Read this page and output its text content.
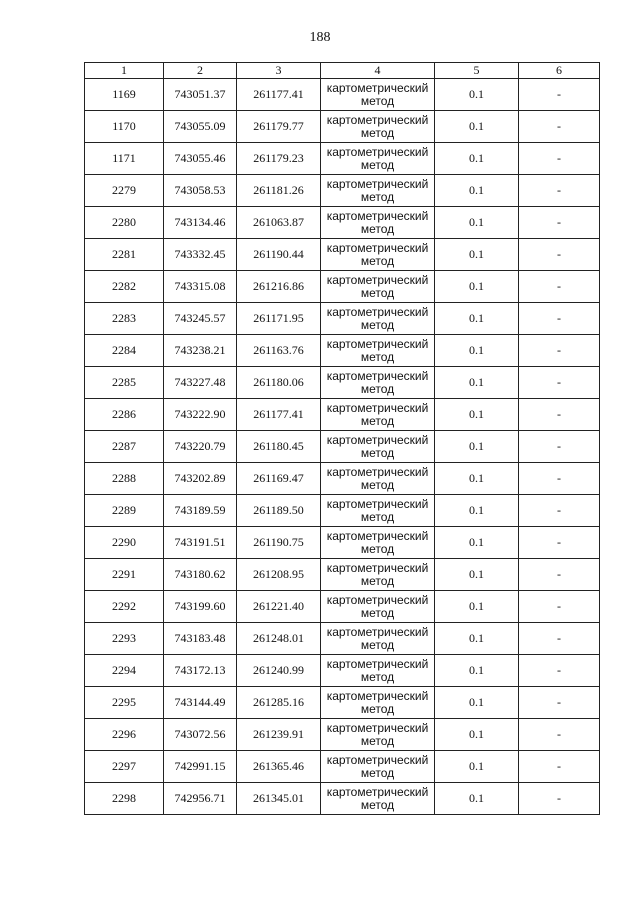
188
1	2	3	4	5	6
1169	743051.37	261177.41	картометрический метод	0.1	-
1170	743055.09	261179.77	картометрический метод	0.1	-
1171	743055.46	261179.23	картометрический метод	0.1	-
2279	743058.53	261181.26	картометрический метод	0.1	-
2280	743134.46	261063.87	картометрический метод	0.1	-
2281	743332.45	261190.44	картометрический метод	0.1	-
2282	743315.08	261216.86	картометрический метод	0.1	-
2283	743245.57	261171.95	картометрический метод	0.1	-
2284	743238.21	261163.76	картометрический метод	0.1	-
2285	743227.48	261180.06	картометрический метод	0.1	-
2286	743222.90	261177.41	картометрический метод	0.1	-
2287	743220.79	261180.45	картометрический метод	0.1	-
2288	743202.89	261169.47	картометрический метод	0.1	-
2289	743189.59	261189.50	картометрический метод	0.1	-
2290	743191.51	261190.75	картометрический метод	0.1	-
2291	743180.62	261208.95	картометрический метод	0.1	-
2292	743199.60	261221.40	картометрический метод	0.1	-
2293	743183.48	261248.01	картометрический метод	0.1	-
2294	743172.13	261240.99	картометрический метод	0.1	-
2295	743144.49	261285.16	картометрический метод	0.1	-
2296	743072.56	261239.91	картометрический метод	0.1	-
2297	742991.15	261365.46	картометрический метод	0.1	-
2298	742956.71	261345.01	картометрический метод	0.1	-
